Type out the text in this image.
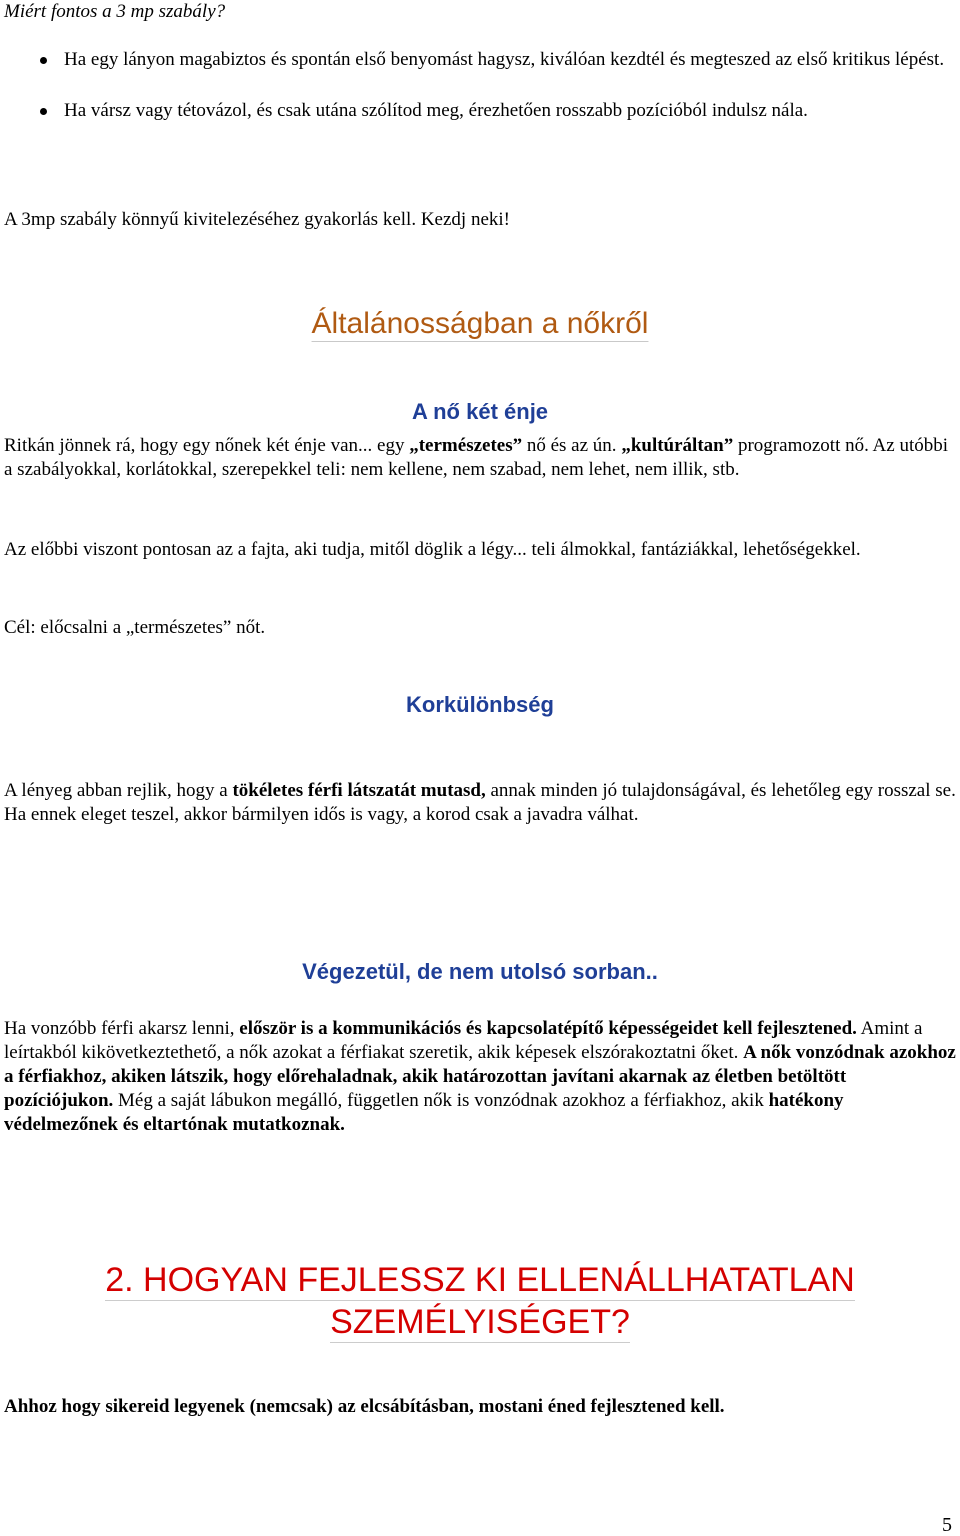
Miért fontos a 3 mp szabály?
Ha egy lányon magabiztos és spontán első benyomást hagysz, kiválóan kezdtél és megteszed az első kritikus lépést.
Ha vársz vagy tétovázol, és csak utána szólítod meg, érezhetően rosszabb pozícióból indulsz nála.
A 3mp szabály könnyű kivitelezéséhez gyakorlás kell. Kezdj neki!
Általánosságban a nőkről
A nő két énje

Ritkán jönnek rá, hogy egy nőnek két énje van... egy „természetes” nő és az ún. „kultúráltan” programozott nő. Az utóbbi a szabályokkal, korlátokkal, szerepekkel teli: nem kellene, nem szabad, nem lehet, nem illik, stb.

Az előbbi viszont pontosan az a fajta, aki tudja, mitől döglik a légy... teli álmokkal, fantáziákkal, lehetőségekkel.
Cél: előcsalni a „természetes” nőt.
Korkülönbség

A lényeg abban rejlik, hogy a tökéletes férfi látszatát mutasd, annak minden jó tulajdonságával, és lehetőleg egy rosszal se. Ha ennek eleget teszel, akkor bármilyen idős is vagy, a korod csak a javadra válhat.

Végezetül, de nem utolsó sorban..

Ha vonzóbb férfi akarsz lenni, először is a kommunikációs és kapcsolatépítő képességeidet kell fejlesztened. Amint a leírtakból kikövetkeztethető, a nők azokat a férfiakat szeretik, akik képesek elszórakoztatni őket. A nők vonzódnak azokhoz a férfiakhoz, akiken látszik, hogy előrehaladnak, akik határozottan javítani akarnak az életben betöltött pozíciójukon. Még a saját lábukon megálló, független nők is vonzódnak azokhoz a férfiakhoz, akik hatékony védelmezőnek és eltartónak mutatkoznak.

2. HOGYAN FEJLESSZ KI ELLENÁLLHATATLAN
SZEMÉLYISÉGET?
Ahhoz hogy sikereid legyenek (nemcsak) az elcsábításban, mostani éned fejlesztened kell.
5
